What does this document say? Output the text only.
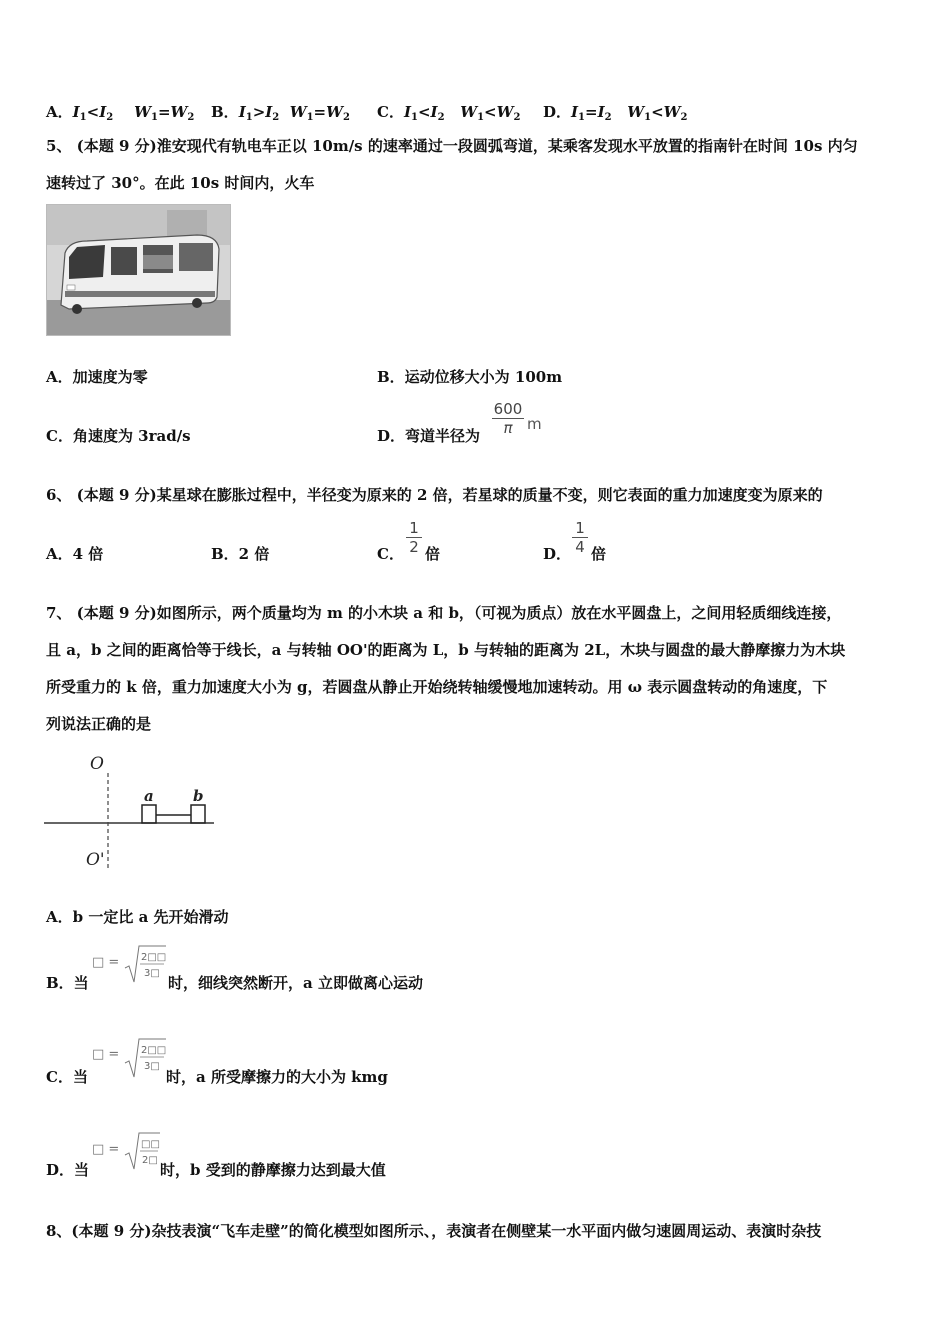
A．$I_1<I_2$ $W_1=W_2$ B．$I_1>I_2$ $W_1=W_2$ C．$I_1<I_2$ $W_1<W_2$ D．$I_1=I_2$ $W_1<W_2$
5、 (本题 9 分)淮安现代有轨电车正以 10m/s 的速率通过一段圆弧弯道，某乘客发现水平放置的指南针在时间 10s 内匀
速转过了 30°。在此 10s 时间内，火车
A．加速度为零	B．运动位移大小为 100m
C．角速度为 3rad/s	D．弯道半径为
600
π m
6、 (本题 9 分)某星球在膨胀过程中，半径变为原来的 2 倍，若星球的质量不变，则它表面的重力加速度变为原来的
A．4 倍	B．2 倍	C．
1
2 倍	D．
1
4 倍
7、 (本题 9 分)如图所示，两个质量均为 m 的小木块 a 和 b，（可视为质点）放在水平圆盘上，之间用轻质细线连接，
且 a，b 之间的距离恰等于线长，a 与转轴 OO'的距离为 L，b 与转轴的距离为 2L，木块与圆盘的最大静摩擦力为木块
所受重力的 k 倍，重力加速度大小为 g，若圆盘从静止开始绕转轴缓慢地加速转动。用 ω 表示圆盘转动的角速度，下
列说法正确的是
O
O'
a	b
A．b 一定比 a 先开始滑动
B．当
□ = 2□□
3□
时，细线突然断开，a 立即做离心运动
C．当
□ = 2□□
3□
时，a 所受摩擦力的大小为 kmg
D．当
□ = □□
2□
时，b 受到的静摩擦力达到最大值
8、(本题 9 分)杂技表演“飞车走壁”的简化模型如图所示、，表演者在侧壁某一水平面内做匀速圆周运动、表演时杂技
